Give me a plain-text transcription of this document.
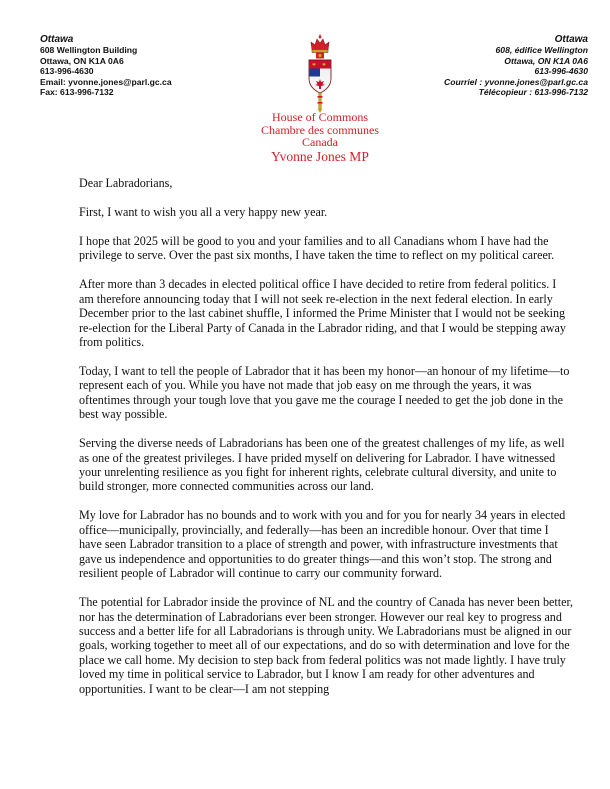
Ottawa
608 Wellington Building
Ottawa, ON K1A 0A6
613-996-4630
Email: yvonne.jones@parl.gc.ca
Fax: 613-996-7132
Ottawa
608, édifice Wellington
Ottawa, ON K1A 0A6
613-996-4630
Courriel : yvonne.jones@parl.gc.ca
Télécopieur : 613-996-7132
House of Commons
Chambre des communes
Canada
Yvonne Jones MP

Dear Labradorians,

First, I want to wish you all a very happy new year.

I hope that 2025 will be good to you and your families and to all Canadians whom I have had the privilege to serve. Over the past six months, I have taken the time to reflect on my political career.

After more than 3 decades in elected political office I have decided to retire from federal politics. I am therefore announcing today that I will not seek re-election in the next federal election. In early December prior to the last cabinet shuffle, I informed the Prime Minister that I would not be seeking re-election for the Liberal Party of Canada in the Labrador riding, and that I would be stepping away from politics.

Today, I want to tell the people of Labrador that it has been my honor—an honour of my lifetime—to represent each of you. While you have not made that job easy on me through the years, it was oftentimes through your tough love that you gave me the courage I needed to get the job done in the best way possible.

Serving the diverse needs of Labradorians has been one of the greatest challenges of my life, as well as one of the greatest privileges. I have prided myself on delivering for Labrador. I have witnessed your unrelenting resilience as you fight for inherent rights, celebrate cultural diversity, and unite to build stronger, more connected communities across our land.

My love for Labrador has no bounds and to work with you and for you for nearly 34 years in elected office—municipally, provincially, and federally—has been an incredible honour. Over that time I have seen Labrador transition to a place of strength and power, with infrastructure investments that gave us independence and opportunities to do greater things—and this won’t stop. The strong and resilient people of Labrador will continue to carry our community forward.

The potential for Labrador inside the province of NL and the country of Canada has never been better, nor has the determination of Labradorians ever been stronger. However our real key to progress and success and a better life for all Labradorians is through unity. We Labradorians must be aligned in our goals, working together to meet all of our expectations, and do so with determination and love for the place we call home. My decision to step back from federal politics was not made lightly. I have truly loved my time in political service to Labrador, but I know I am ready for other adventures and opportunities. I want to be clear—I am not stepping
